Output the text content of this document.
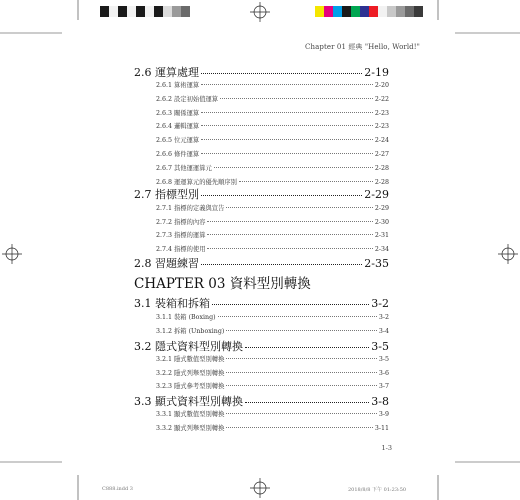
Chapter 01 經典 "Hello, World!"
2.6 運算處理	2-19
2.6.1 算術運算	2-20
2.6.2 設定初始值運算	2-22
2.6.3 關係運算	2-23
2.6.4 邏輯運算	2-23
2.6.5 位元運算	2-24
2.6.6 條件運算	2-27
2.6.7 其他運運算元	2-28
2.6.8 運運算元的優先順序別	2-28
2.7 指標型別	2-29
2.7.1 指標的定義與宣告	2-29
2.7.2 指標的內容	2-30
2.7.3 指標的運算	2-31
2.7.4 指標的使用	2-34
2.8 習題練習	2-35
3.1 裝箱和拆箱	3-2
3.1.1 裝箱 (Boxing)	3-2
3.1.2 拆箱 (Unboxing)	3-4
3.2 隱式資料型別轉換	3-5
3.2.1 隱式數值型別轉換	3-5
3.2.2 隱式列舉型別轉換	3-6
3.2.3 隱式參考型別轉換	3-7
3.3 顯式資料型別轉換	3-8
3.3.1 顯式數值型別轉換	3-9
3.3.2 顯式列舉型別轉換	3-11
CHAPTER 03 資料型別轉換
1-3
C888.indd 3	2018/8/8 下午 01:23:50
